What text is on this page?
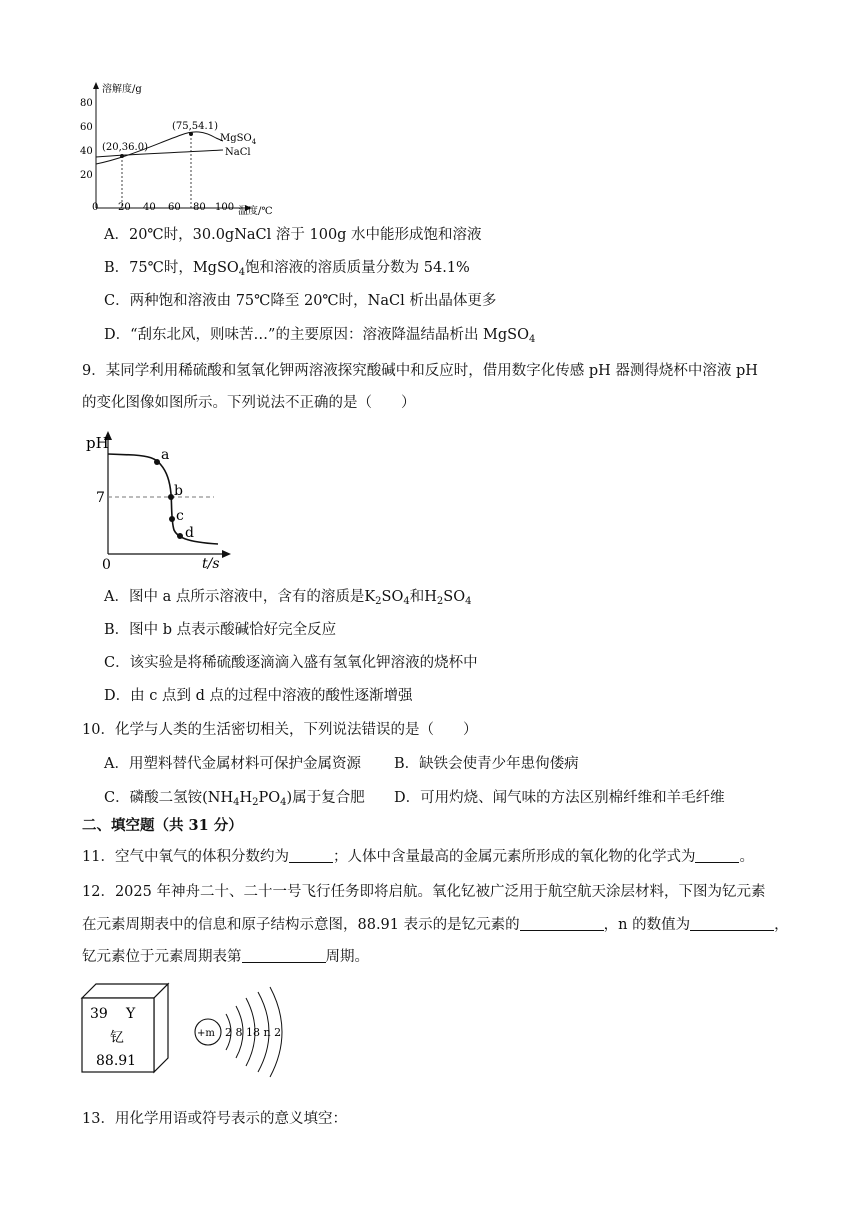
溶解度/g
温度/℃
80
60
40
20
0 20 40 60 80 100
(20,36.0)
(75,54.1)
MgSO$_4$
NaCl
A．20℃时，30.0gNaCl 溶于 100g 水中能形成饱和溶液
B．75℃时，MgSO$_4$饱和溶液的溶质质量分数为 54.1%
C．两种饱和溶液由 75℃降至 20℃时，NaCl 析出晶体更多
D．“刮东北风，则味苦…”的主要原因：溶液降温结晶析出 MgSO$_4$
9．某同学利用稀硫酸和氢氧化钾两溶液探究酸碱中和反应时，借用数字化传感 pH 器测得烧杯中溶液 pH
的变化图像如图所示。下列说法不正确的是（　　）
pH
t/s
0
7
a
b
c
d
A．图中 a 点所示溶液中，含有的溶质是$K_2SO_4$和$H_2SO_4$
B．图中 b 点表示酸碱恰好完全反应
C．该实验是将稀硫酸逐滴滴入盛有氢氧化钾溶液的烧杯中
D．由 c 点到 d 点的过程中溶液的酸性逐渐增强
10．化学与人类的生活密切相关，下列说法错误的是（　　）
A．用塑料替代金属材料可保护金属资源 B．缺铁会使青少年患佝偻病
C．磷酸二氢铵$(NH_4H_2PO_4)$属于复合肥 D．可用灼烧、闻气味的方法区别棉纤维和羊毛纤维
二、填空题（共 31 分）
11．空气中氧气的体积分数约为	；人体中含量最高的金属元素所形成的氧化物的化学式为	。
12．2025 年神舟二十、二十一号飞行任务即将启航。氧化钇被广泛用于航空航天涂层材料，下图为钇元素
在元素周期表中的信息和原子结构示意图，88.91 表示的是钇元素的	，n 的数值为	，
钇元素位于元素周期表第	周期。
39 Y
钇
88.91
+m 2 8 18 n 2
13．用化学用语或符号表示的意义填空：
